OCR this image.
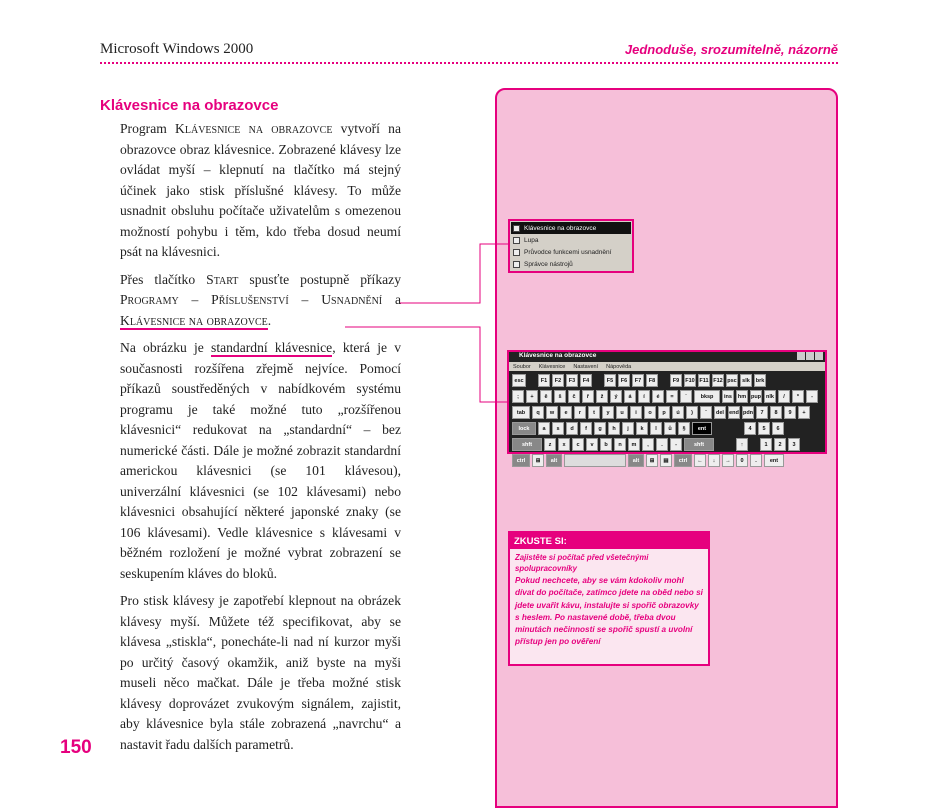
Microsoft Windows 2000	Jednoduše, srozumitelně, názorně
Klávesnice na obrazovce

Program Klávesnice na obrazovce vytvoří na obrazovce obraz klávesnice. Zobrazené klávesy lze ovládat myší – klepnutí na tlačítko má stejný účinek jako stisk příslušné klávesy. To může usnadnit obsluhu počítače uživatelům s omezenou možností pohybu i těm, kdo třeba dosud neumí psát na klávesnici.

Přes tlačítko Start spusťte postupně příkazy Programy – Příslušenství – Usnadnění a Klávesnice na obrazovce.

Na obrázku je standardní klávesnice, která je v současnosti rozšířena zřejmě nejvíce. Pomocí příkazů soustředěných v nabídkovém systému programu je také možné tuto „rozšířenou klávesnici“ redukovat na „standardní“ – bez numerické části. Dále je možné zobrazit standardní americkou klávesnici (se 101 klávesou), univerzální klávesnici (se 102 klávesami) nebo klávesnici obsahující některé japonské znaky (se 106 klávesami). Vedle klávesnice s klávesami v běžném rozložení je možné vybrat zobrazení se seskupením kláves do bloků.

Pro stisk klávesy je zapotřebí klepnout na obrázek klávesy myší. Můžete též specifikovat, aby se klávesa „stiskla“, ponecháte-li nad ní kurzor myši po určitý časový okamžik, aniž byste na myši museli něco mačkat. Dále je třeba možné stisk klávesy doprovázet zvukovým signálem, zajistit, aby klávesnice byla stále zobrazená „navrchu“ a nastavit řadu dalších parametrů.

150
Klávesnice na obrazovce
Lupa
Průvodce funkcemi usnadnění
Správce nástrojů
Klávesnice na obrazovce
Soubor Klávesnice Nastavení Nápověda
esc	F1	F2	F3	F4	F5	F6	F7	F8	F9	F10 F11 F12 psc slk	brk
;	+	ě	š	č	ř	ž	ý	á	í	é	=	´	bksp	ins	hm pup nlk	/	*	-
tab	q	w	e	r	t	y	u	i	o	p	ú	)	¨	del end pdn	7	8	9	+
lock	a	s	d	f	g	h	j	k	l	ů	§	ent	4	5	6
shft	z	x	c	v	b	n	m	,	.	-	shft	↑	1	2	3
ctrl	⊞	alt	alt	⊞	▤	ctrl	←	↓	→	0	.	ent
ZKUSTE SI:
Zajistěte si počítač před všetečnými spolupracovníky
Pokud nechcete, aby se vám kdokoliv mohl dívat do počítače, zatímco jdete na oběd nebo si jdete uvařit kávu, instalujte si spořič obrazovky s heslem. Po nastavené době, třeba dvou minutách nečinnosti se spořič spustí a uvolní přístup jen po ověření
